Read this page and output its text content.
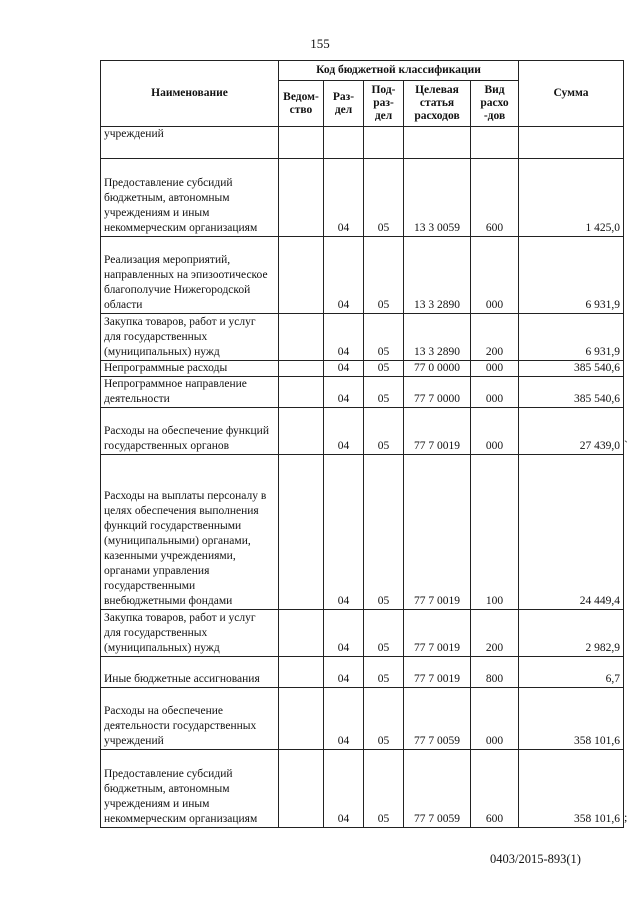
155
Наименование	Код бюджетной классификации					Сумма
	Ведом-ство	Раз-дел	Под-раз-дел	Целевая статья расходов	Вид расхо -дов	
учреждений						
Предоставление субсидий бюджетным, автономным учреждениям и иным некоммерческим организациям		04	05	13 3 0059	600	1 425,0
Реализация мероприятий, направленных на эпизоотическое благополучие Нижегородской области		04	05	13 3 2890	000	6 931,9
Закупка товаров, работ и услуг для государственных (муниципальных) нужд		04	05	13 3 2890	200	6 931,9
Непрограммные расходы		04	05	77 0 0000	000	385 540,6
Непрограммное направление деятельности		04	05	77 7 0000	000	385 540,6
Расходы на обеспечение функций государственных органов		04	05	77 7 0019	000	27 439,0
Расходы на выплаты персоналу в целях обеспечения выполнения функций государственными (муниципальными) органами, казенными учреждениями, органами управления государственными внебюджетными фондами		04	05	77 7 0019	100	24 449,4
Закупка товаров, работ и услуг для государственных (муниципальных) нужд		04	05	77 7 0019	200	2 982,9
Иные бюджетные ассигнования		04	05	77 7 0019	800	6,7
Расходы на обеспечение деятельности государственных учреждений		04	05	77 7 0059	000	358 101,6
Предоставление субсидий бюджетным, автономным учреждениям и иным некоммерческим организациям		04	05	77 7 0059	600	358 101,6
`
;
0403/2015-893(1)
